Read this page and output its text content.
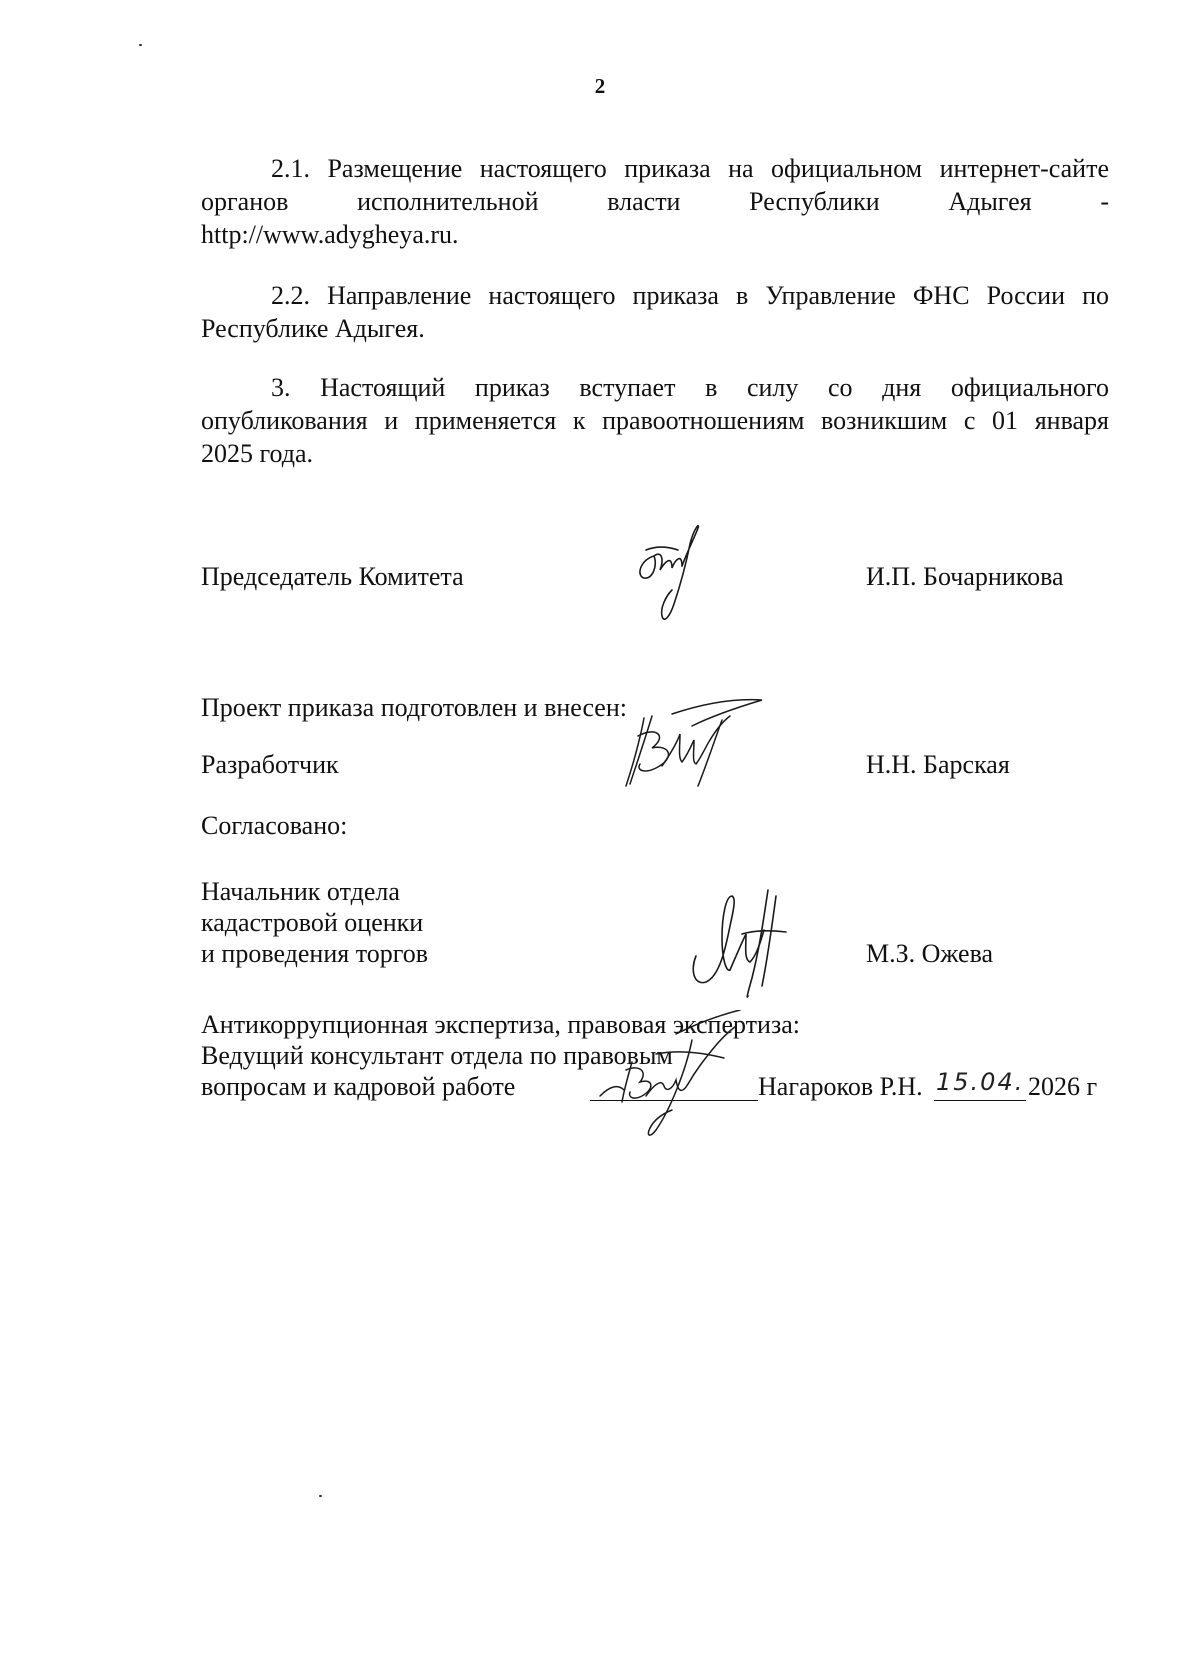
2
2.1. Размещение настоящего приказа на официальном интернет-сайте
органов исполнительной власти Республики Адыгея -
http://www.adygheya.ru.
2.2. Направление настоящего приказа в Управление ФНС России по
Республике Адыгея.
3. Настоящий приказ вступает в силу со дня официального
опубликования и применяется к правоотношениям возникшим с 01 января
2025 года.
Председатель Комитета	И.П. Бочарникова
Проект приказа подготовлен и внесен:
Разработчик	Н.Н. Барская
Согласовано:
Начальник отдела
кадастровой оценки
и проведения торгов	М.З. Ожева
Антикоррупционная экспертиза, правовая экспертиза:
Ведущий консультант отдела по правовым
вопросам и кадровой работе	Нагароков Р.Н. 15.04. 2026 г
